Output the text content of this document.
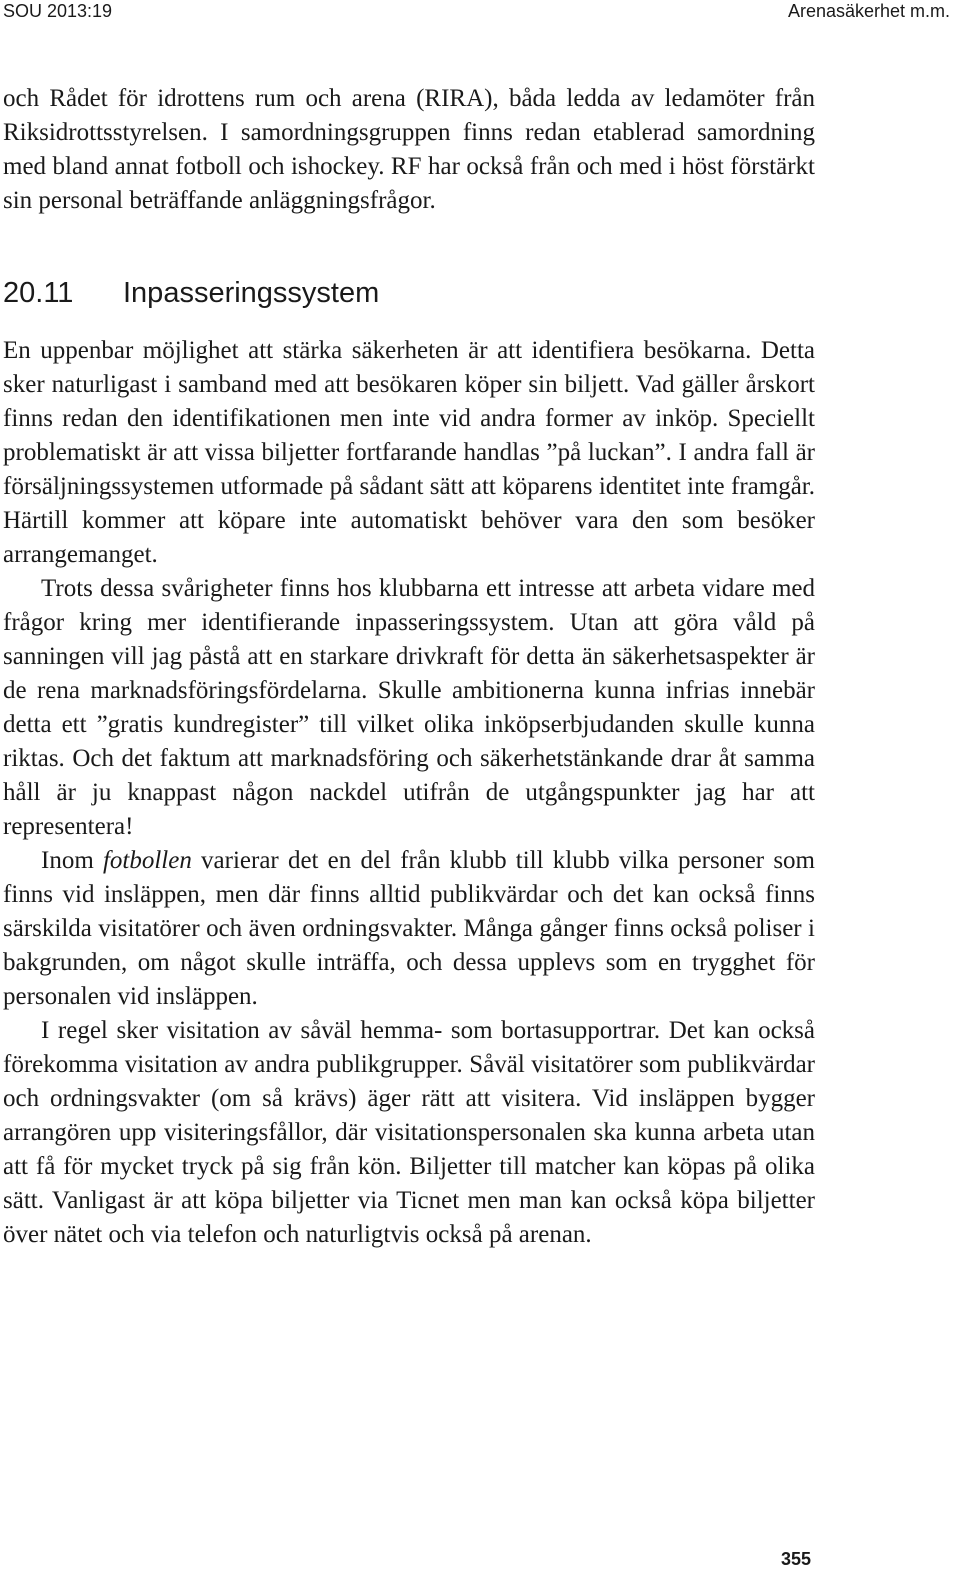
SOU 2013:19	Arenasäkerhet m.m.

och Rådet för idrottens rum och arena (RIRA), båda ledda av ledamöter från Riksidrottsstyrelsen. I samordningsgruppen finns redan etablerad samordning med bland annat fotboll och ishockey. RF har också från och med i höst förstärkt sin personal beträffande anläggningsfrågor.

20.11 Inpasseringssystem

En uppenbar möjlighet att stärka säkerheten är att identifiera besökarna. Detta sker naturligast i samband med att besökaren köper sin biljett. Vad gäller årskort finns redan den identifikationen men inte vid andra former av inköp. Speciellt problematiskt är att vissa biljetter fortfarande handlas ”på luckan”. I andra fall är försäljningssystemen utformade på sådant sätt att köparens identitet inte framgår. Härtill kommer att köpare inte automatiskt behöver vara den som besöker arrangemanget.

Trots dessa svårigheter finns hos klubbarna ett intresse att arbeta vidare med frågor kring mer identifierande inpasseringssystem. Utan att göra våld på sanningen vill jag påstå att en starkare drivkraft för detta än säkerhetsaspekter är de rena marknadsföringsfördelarna. Skulle ambitionerna kunna infrias innebär detta ett ”gratis kundregister” till vilket olika inköpserbjudanden skulle kunna riktas. Och det faktum att marknadsföring och säkerhetstänkande drar åt samma håll är ju knappast någon nackdel utifrån de utgångspunkter jag har att representera!

Inom fotbollen varierar det en del från klubb till klubb vilka personer som finns vid insläppen, men där finns alltid publikvärdar och det kan också finns särskilda visitatörer och även ordningsvakter. Många gånger finns också poliser i bakgrunden, om något skulle inträffa, och dessa upplevs som en trygghet för personalen vid insläppen.

I regel sker visitation av såväl hemma- som bortasupportrar. Det kan också förekomma visitation av andra publikgrupper. Såväl visitatörer som publikvärdar och ordningsvakter (om så krävs) äger rätt att visitera. Vid insläppen bygger arrangören upp visiteringsfållor, där visitationspersonalen ska kunna arbeta utan att få för mycket tryck på sig från kön. Biljetter till matcher kan köpas på olika sätt. Vanligast är att köpa biljetter via Ticnet men man kan också köpa biljetter över nätet och via telefon och naturligtvis också på arenan.

355
